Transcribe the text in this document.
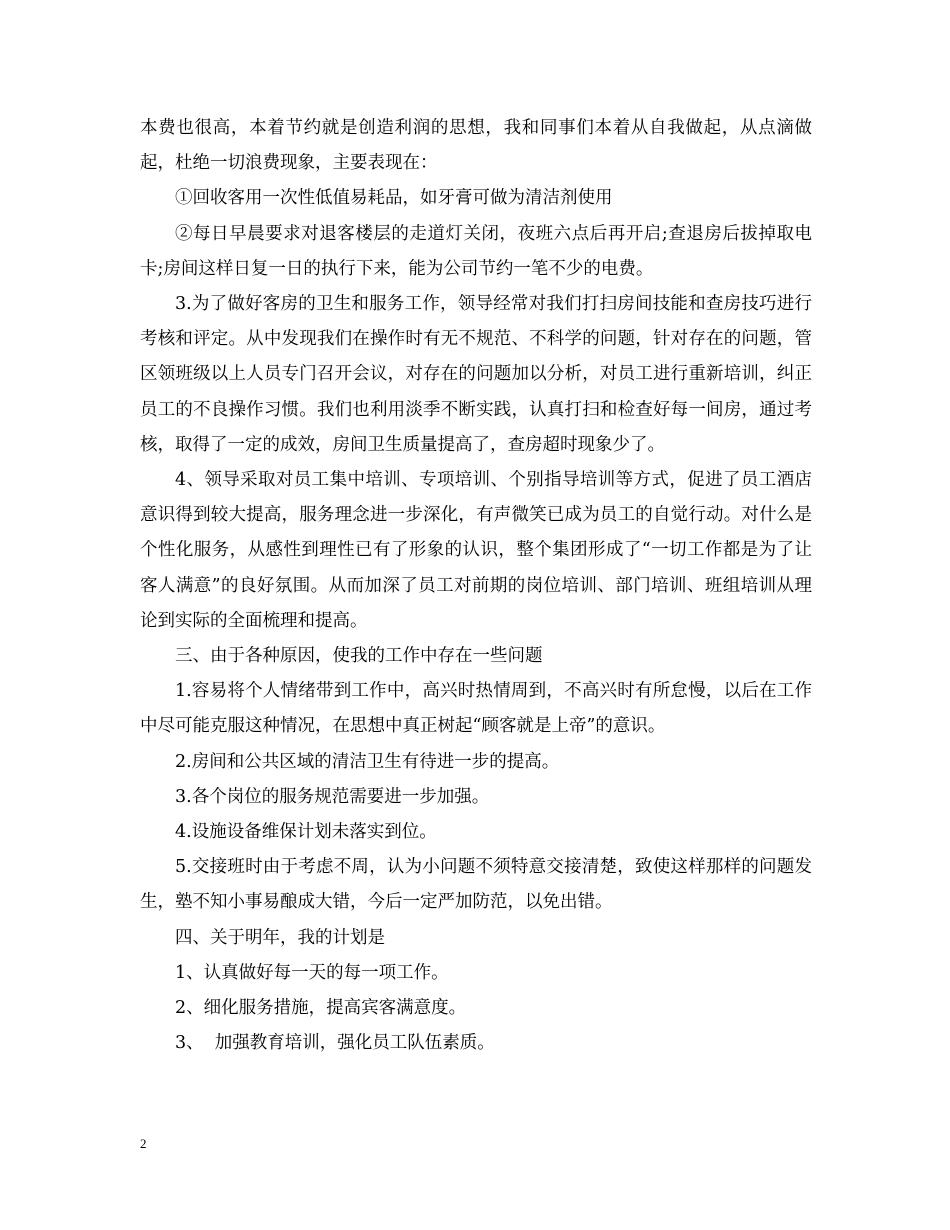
本费也很高，本着节约就是创造利润的思想，我和同事们本着从自我做起，从点滴做起，杜绝一切浪费现象，主要表现在：

①回收客用一次性低值易耗品，如牙膏可做为清洁剂使用

②每日早晨要求对退客楼层的走道灯关闭，夜班六点后再开启;查退房后拔掉取电卡;房间这样日复一日的执行下来，能为公司节约一笔不少的电费。

3.为了做好客房的卫生和服务工作，领导经常对我们打扫房间技能和查房技巧进行考核和评定。从中发现我们在操作时有无不规范、不科学的问题，针对存在的问题，管区领班级以上人员专门召开会议，对存在的问题加以分析，对员工进行重新培训，纠正员工的不良操作习惯。我们也利用淡季不断实践，认真打扫和检查好每一间房，通过考核，取得了一定的成效，房间卫生质量提高了，查房超时现象少了。

4、领导采取对员工集中培训、专项培训、个别指导培训等方式，促进了员工酒店意识得到较大提高，服务理念进一步深化，有声微笑已成为员工的自觉行动。对什么是个性化服务，从感性到理性已有了形象的认识，整个集团形成了“一切工作都是为了让客人满意”的良好氛围。从而加深了员工对前期的岗位培训、部门培训、班组培训从理论到实际的全面梳理和提高。

三、由于各种原因，使我的工作中存在一些问题

1.容易将个人情绪带到工作中，高兴时热情周到，不高兴时有所怠慢，以后在工作中尽可能克服这种情况，在思想中真正树起“顾客就是上帝”的意识。

2.房间和公共区域的清洁卫生有待进一步的提高。

3.各个岗位的服务规范需要进一步加强。

4.设施设备维保计划未落实到位。

5.交接班时由于考虑不周，认为小问题不须特意交接清楚，致使这样那样的问题发生，塾不知小事易酿成大错，今后一定严加防范，以免出错。

四、关于明年，我的计划是

1、认真做好每一天的每一项工作。

2、细化服务措施，提高宾客满意度。

3、  加强教育培训，强化员工队伍素质。

2
